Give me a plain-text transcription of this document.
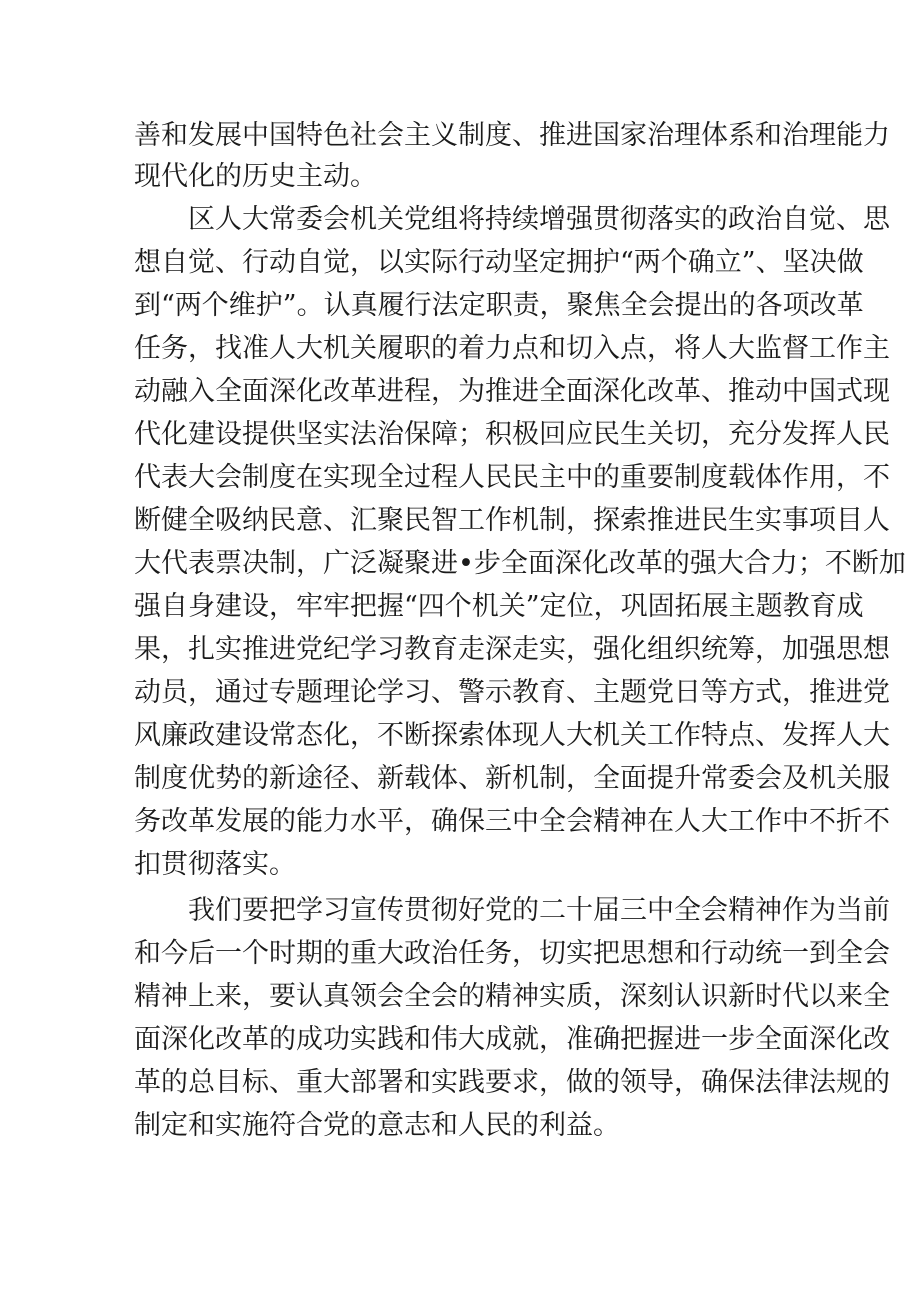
善和发展中国特色社会主义制度、推进国家治理体系和治理能力
现代化的历史主动。
区人大常委会机关党组将持续增强贯彻落实的政治自觉、思
想自觉、行动自觉，以实际行动坚定拥护“两个确立”、坚决做
到“两个维护”。认真履行法定职责，聚焦全会提出的各项改革
任务，找准人大机关履职的着力点和切入点，将人大监督工作主
动融入全面深化改革进程，为推进全面深化改革、推动中国式现
代化建设提供坚实法治保障；积极回应民生关切，充分发挥人民
代表大会制度在实现全过程人民民主中的重要制度载体作用，不
断健全吸纳民意、汇聚民智工作机制，探索推进民生实事项目人
大代表票决制，广泛凝聚进•步全面深化改革的强大合力；不断加
强自身建设，牢牢把握“四个机关”定位，巩固拓展主题教育成
果，扎实推进党纪学习教育走深走实，强化组织统筹，加强思想
动员，通过专题理论学习、警示教育、主题党日等方式，推进党
风廉政建设常态化，不断探索体现人大机关工作特点、发挥人大
制度优势的新途径、新载体、新机制，全面提升常委会及机关服
务改革发展的能力水平，确保三中全会精神在人大工作中不折不
扣贯彻落实。
我们要把学习宣传贯彻好党的二十届三中全会精神作为当前
和今后一个时期的重大政治任务，切实把思想和行动统一到全会
精神上来，要认真领会全会的精神实质，深刻认识新时代以来全
面深化改革的成功实践和伟大成就，准确把握进一步全面深化改
革的总目标、重大部署和实践要求，做的领导，确保法律法规的
制定和实施符合党的意志和人民的利益。
